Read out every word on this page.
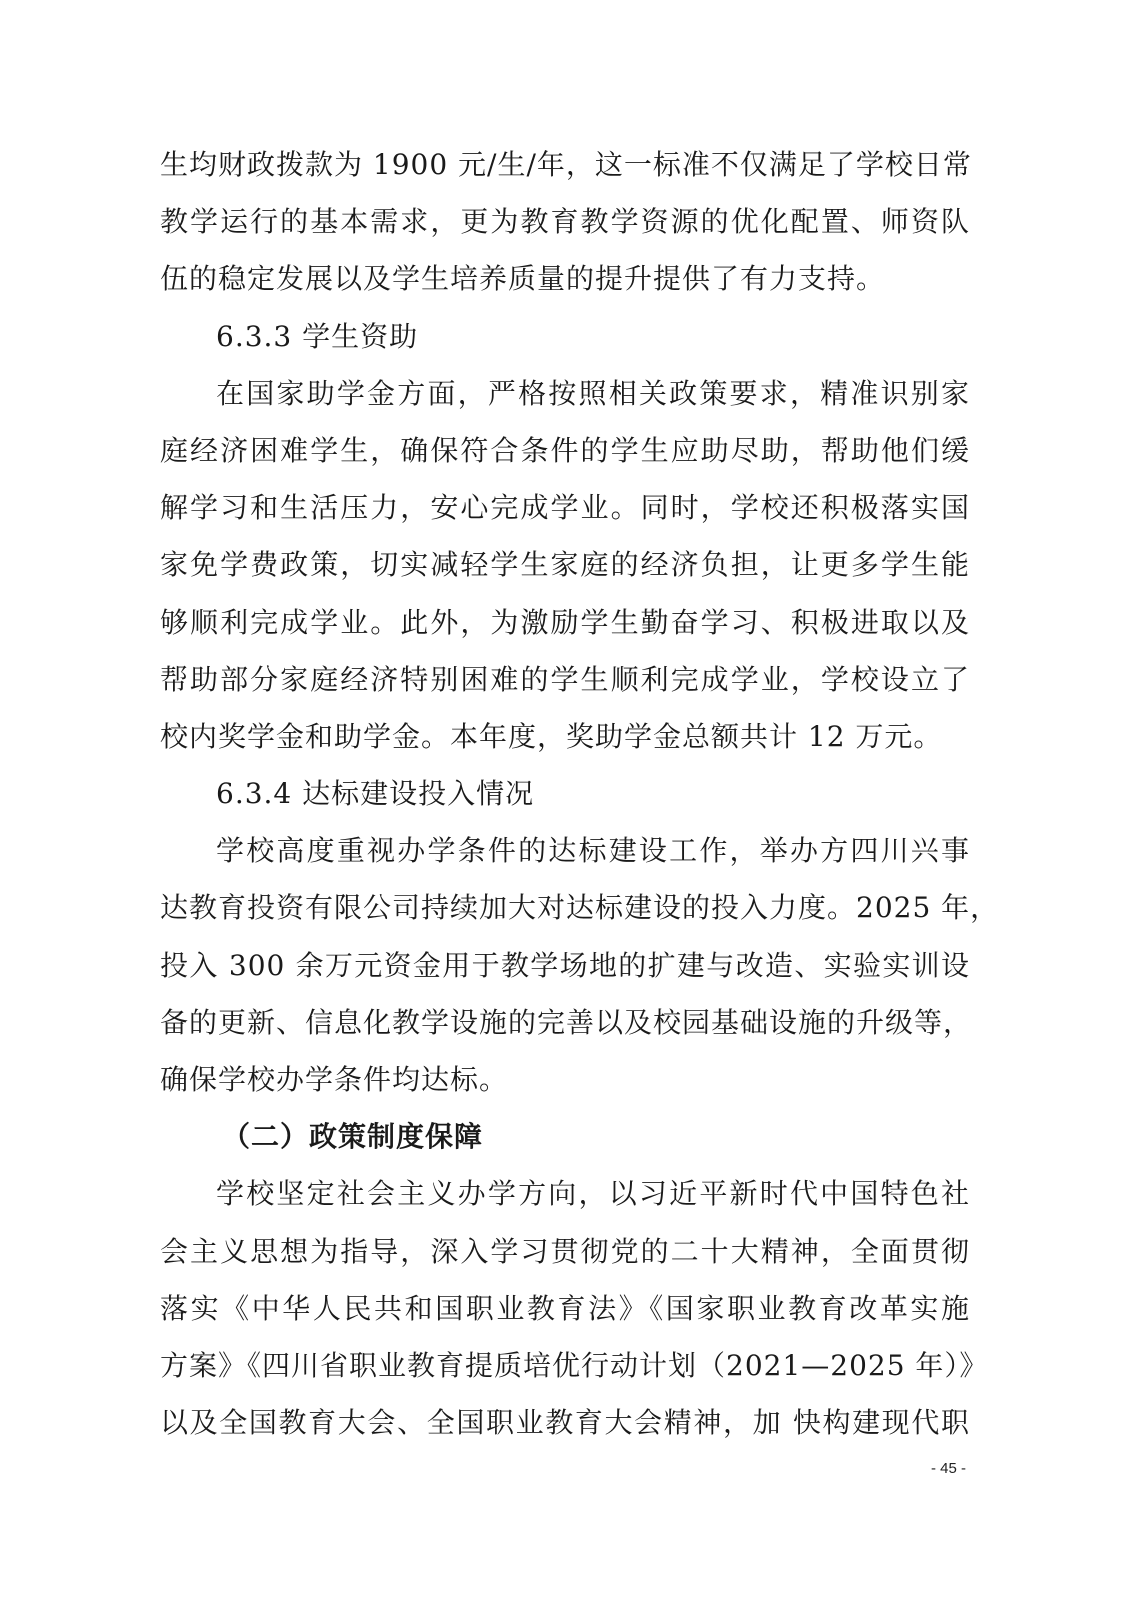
生均财政拨款为 1900 元/生/年，这一标准不仅满足了学校日常
教学运行的基本需求，更为教育教学资源的优化配置、师资队
伍的稳定发展以及学生培养质量的提升提供了有力支持。
6.3.3 学生资助
在国家助学金方面，严格按照相关政策要求，精准识别家
庭经济困难学生，确保符合条件的学生应助尽助，帮助他们缓
解学习和生活压力，安心完成学业。同时，学校还积极落实国
家免学费政策，切实减轻学生家庭的经济负担，让更多学生能
够顺利完成学业。此外，为激励学生勤奋学习、积极进取以及
帮助部分家庭经济特别困难的学生顺利完成学业，学校设立了
校内奖学金和助学金。本年度，奖助学金总额共计 12 万元。
6.3.4 达标建设投入情况
学校高度重视办学条件的达标建设工作，举办方四川兴事
达教育投资有限公司持续加大对达标建设的投入力度。2025 年，
投入 300 余万元资金用于教学场地的扩建与改造、实验实训设
备的更新、信息化教学设施的完善以及校园基础设施的升级等，
确保学校办学条件均达标。
（二）政策制度保障
学校坚定社会主义办学方向，以习近平新时代中国特色社
会主义思想为指导，深入学习贯彻党的二十大精神，全面贯彻
落实《中华人民共和国职业教育法》《国家职业教育改革实施
方案》《四川省职业教育提质培优行动计划（2021—2025 年）》
以及全国教育大会、全国职业教育大会精神，加 快构建现代职
- 45 -
